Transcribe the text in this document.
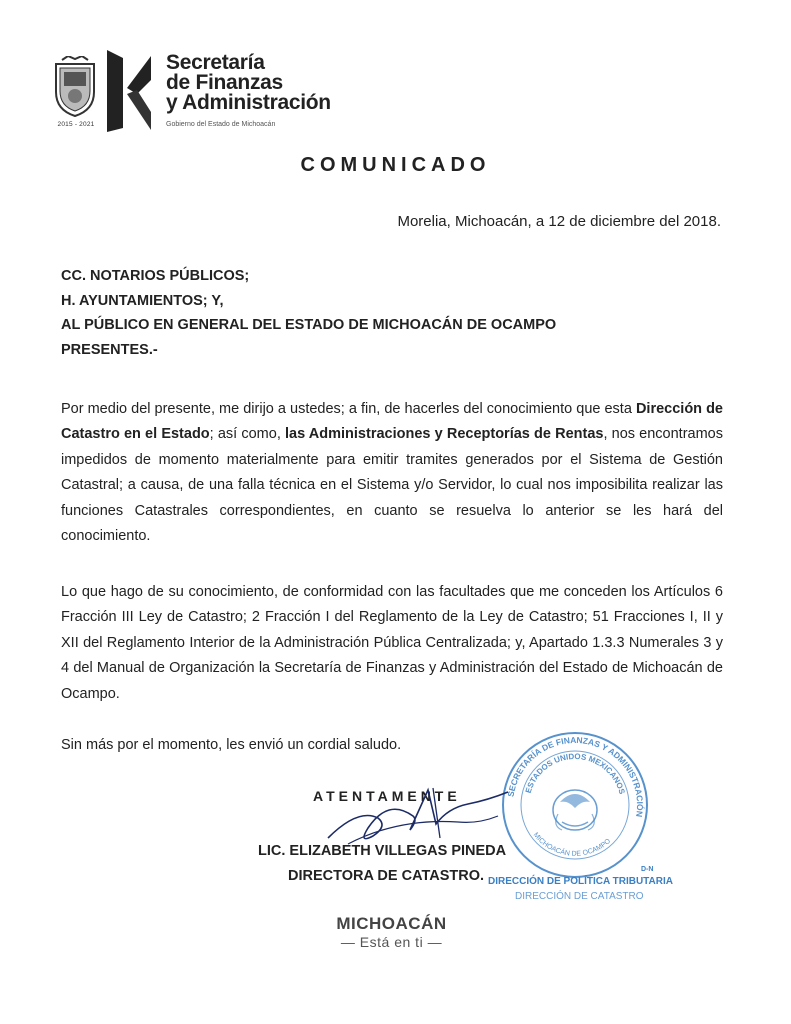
2015 - 2021
Secretaría
de Finanzas
y Administración
Gobierno del Estado de Michoacán
COMUNICADO
Morelia, Michoacán, a 12 de diciembre del 2018.
CC. NOTARIOS PÚBLICOS;
H. AYUNTAMIENTOS; Y,
AL PÚBLICO EN GENERAL DEL ESTADO DE MICHOACÁN DE OCAMPO
PRESENTES.-
Por medio del presente, me dirijo a ustedes; a fin, de hacerles del conocimiento que esta Dirección de Catastro en el Estado; así como, las Administraciones y Receptorías de Rentas, nos encontramos impedidos de momento materialmente para emitir tramites generados por el Sistema de Gestión Catastral; a causa, de una falla técnica en el Sistema y/o Servidor, lo cual nos imposibilita realizar las funciones Catastrales correspondientes, en cuanto se resuelva lo anterior se les hará del conocimiento.
Lo que hago de su conocimiento, de conformidad con las facultades que me conceden los Artículos 6 Fracción III Ley de Catastro; 2 Fracción I del Reglamento de la Ley de Catastro; 51 Fracciones I, II y XII del Reglamento Interior de la Administración Pública Centralizada; y, Apartado 1.3.3 Numerales 3 y 4 del Manual de Organización la Secretaría de Finanzas y Administración del Estado de Michoacán de Ocampo.
Sin más por el momento, les envió un cordial saludo.
SECRETARÍA DE FINANZAS Y ADMINISTRACIÓN
ESTADOS UNIDOS MEXICANOS
MICHOACÁN DE OCAMPO
D-N
DIRECCIÓN DE POLÍTICA TRIBUTARIA
DIRECCIÓN DE CATASTRO
ATENTAMENTE
LIC. ELIZABETH VILLEGAS PINEDA
DIRECTORA DE CATASTRO.
MICHOACÁN
— Está en ti —
